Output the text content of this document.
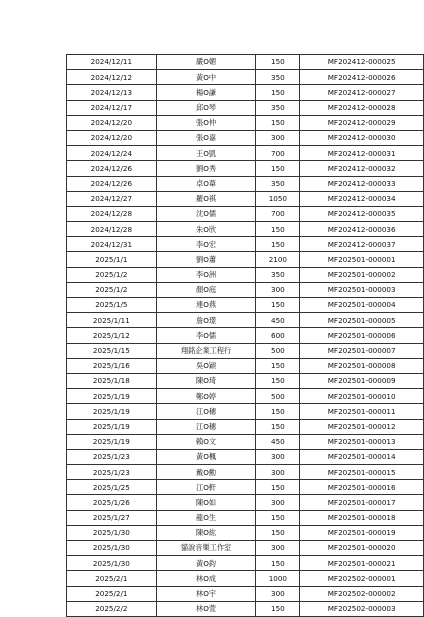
2024/12/11	嚴O媚	150	MF202412-000025
2024/12/12	黃O中	350	MF202412-000026
2024/12/13	楊O謙	150	MF202412-000027
2024/12/17	邱O琴	350	MF202412-000028
2024/12/20	張O仲	150	MF202412-000029
2024/12/20	張O嘉	300	MF202412-000030
2024/12/24	王O凱	700	MF202412-000031
2024/12/26	劉O秀	150	MF202412-000032
2024/12/26	卓O葦	350	MF202412-000033
2024/12/27	羅O祺	1050	MF202412-000034
2024/12/28	沈O儒	700	MF202412-000035
2024/12/28	朱O欣	150	MF202412-000036
2024/12/31	李O宏	150	MF202412-000037
2025/1/1	劉O蕭	2100	MF202501-000001
2025/1/2	李O洲	350	MF202501-000002
2025/1/2	顏O庭	300	MF202501-000003
2025/1/5	連O燕	150	MF202501-000004
2025/1/11	詹O璟	450	MF202501-000005
2025/1/12	李O儒	600	MF202501-000006
2025/1/15	翔銘企業工程行	500	MF202501-000007
2025/1/16	吳O穎	150	MF202501-000008
2025/1/18	陳O琦	150	MF202501-000009
2025/1/19	鄭O婷	500	MF202501-000010
2025/1/19	江O穗	150	MF202501-000011
2025/1/19	江O穗	150	MF202501-000012
2025/1/19	賴O文	450	MF202501-000013
2025/1/23	黃O楓	300	MF202501-000014
2025/1/23	戴O勳	300	MF202501-000015
2025/1/25	江O軒	150	MF202501-000016
2025/1/26	陳O如	300	MF202501-000017
2025/1/27	龍O生	150	MF202501-000018
2025/1/30	陳O紘	150	MF202501-000019
2025/1/30	貓說音樂工作室	300	MF202501-000020
2025/1/30	黃O鈞	150	MF202501-000021
2025/2/1	林O成	1000	MF202502-000001
2025/2/1	林O宇	300	MF202502-000002
2025/2/2	林O萱	150	MF202502-000003
